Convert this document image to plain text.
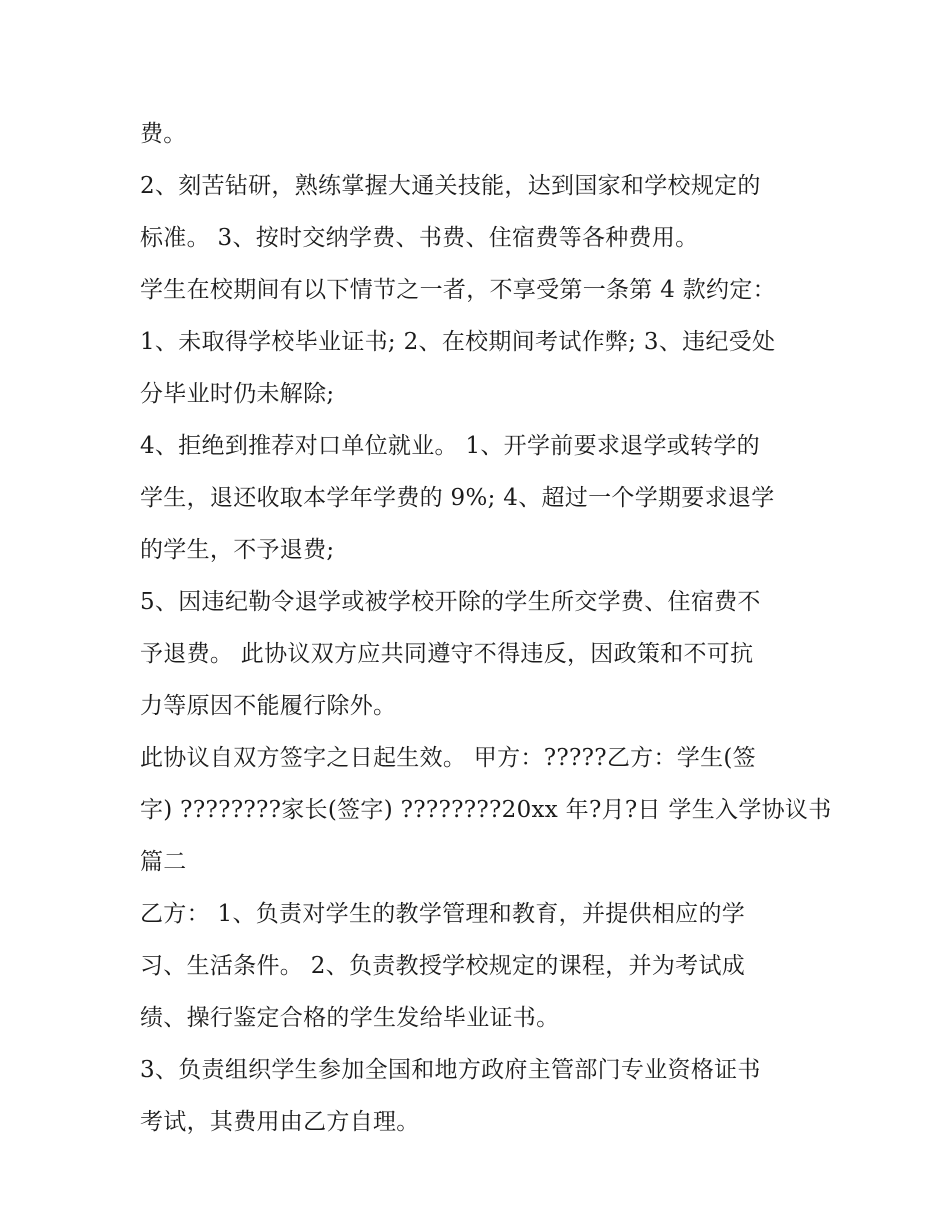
费。
2、刻苦钻研，熟练掌握大通关技能，达到国家和学校规定的
标准。 3、按时交纳学费、书费、住宿费等各种费用。
学生在校期间有以下情节之一者，不享受第一条第 4 款约定：
1、未取得学校毕业证书; 2、在校期间考试作弊; 3、违纪受处
分毕业时仍未解除;
4、拒绝到推荐对口单位就业。 1、开学前要求退学或转学的
学生，退还收取本学年学费的 9%; 4、超过一个学期要求退学
的学生，不予退费;
5、因违纪勒令退学或被学校开除的学生所交学费、住宿费不
予退费。 此协议双方应共同遵守不得违反，因政策和不可抗
力等原因不能履行除外。
此协议自双方签字之日起生效。 甲方：?????乙方：学生(签
字) ????????家长(签字) ????????20xx 年?月?日 学生入学协议书
篇二
乙方： 1、负责对学生的教学管理和教育，并提供相应的学
习、生活条件。 2、负责教授学校规定的课程，并为考试成
绩、操行鉴定合格的学生发给毕业证书。
3、负责组织学生参加全国和地方政府主管部门专业资格证书
考试，其费用由乙方自理。
